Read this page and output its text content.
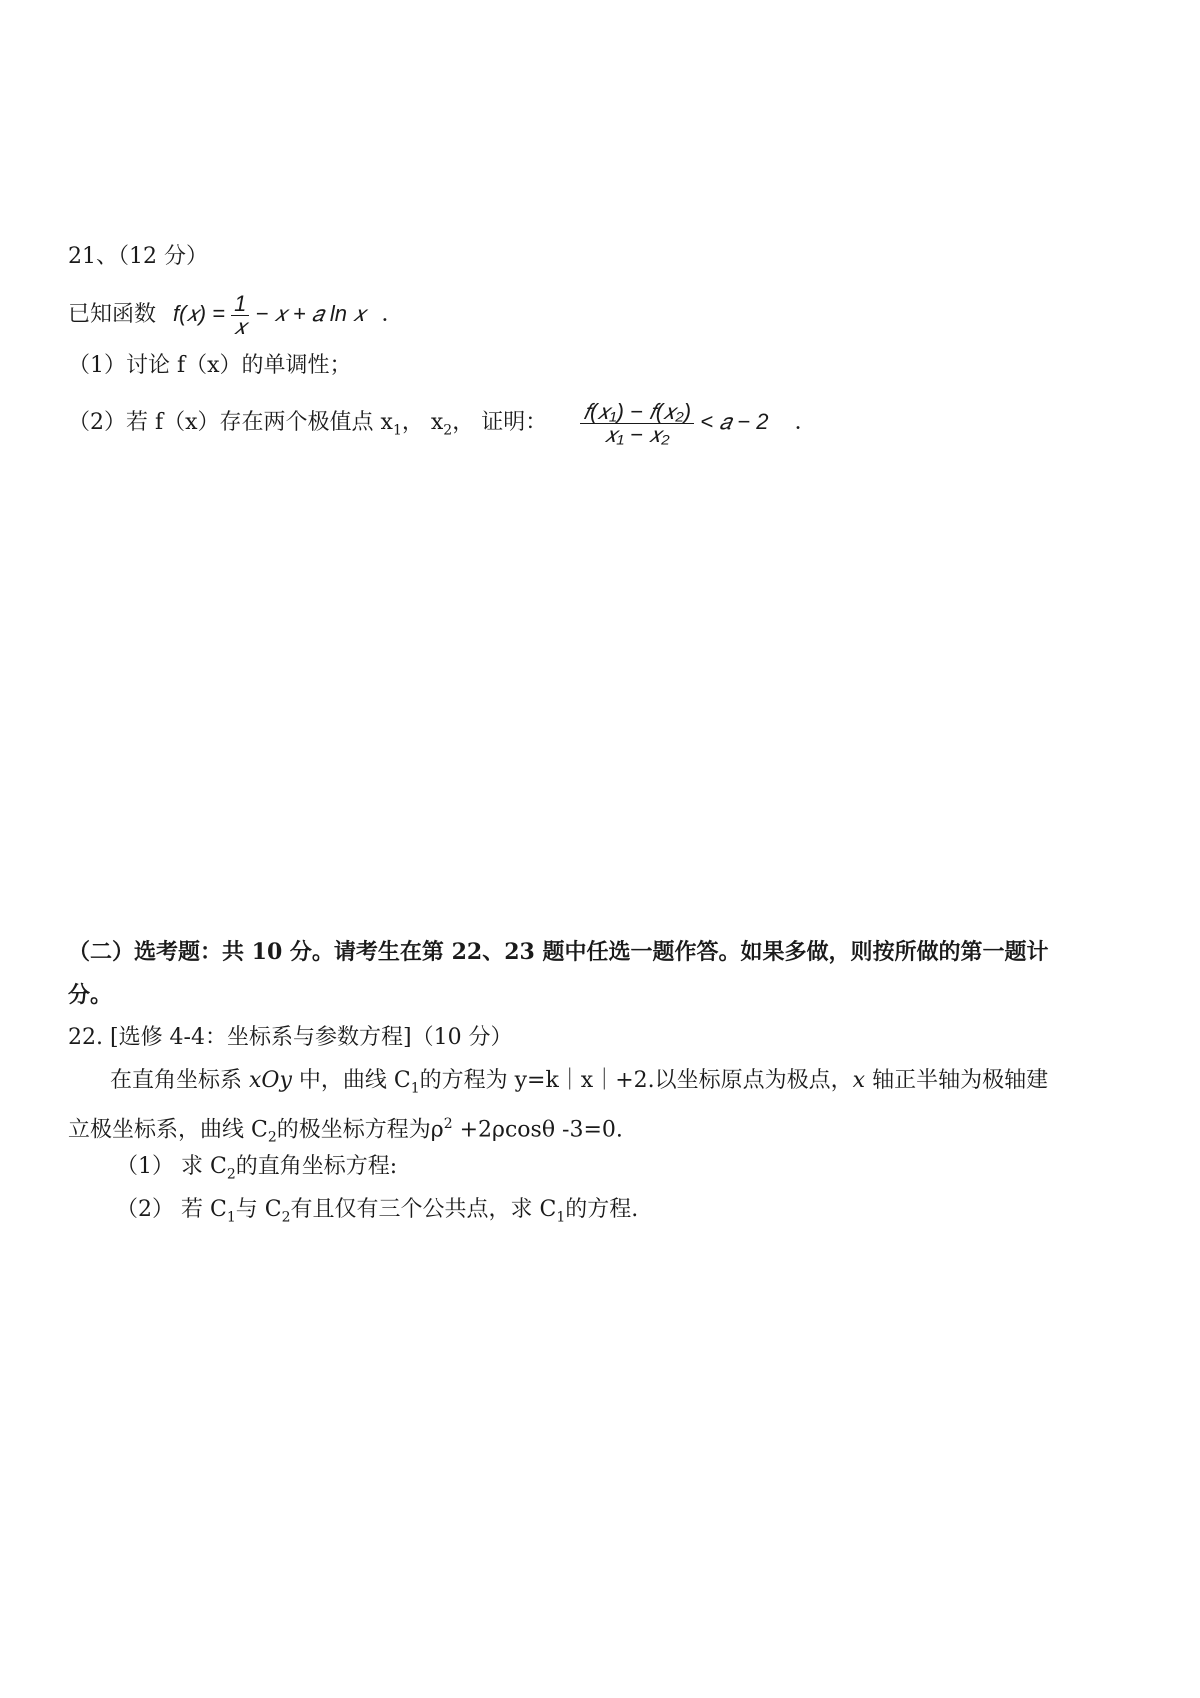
21、（12 分）
已知函数 f(𝑥) = $\frac{1}{\text{𝑥}}$ − 𝑥 + 𝑎 ln 𝑥 ．
（1）讨论 f（x）的单调性；
（2）若 f（x）存在两个极值点 $x_1$， $x_2$， 证明： $\frac{\text{𝑓(𝑥₁) − 𝑓(𝑥₂)}}{\text{𝑥₁ − 𝑥₂}}$ < 𝑎 − 2 ．
（二）选考题：共 10 分。请考生在第 22、23 题中任选一题作答。如果多做，则按所做的第一题计
分。
22. [选修 4-4：坐标系与参数方程]（10 分）
在直角坐标系 xOy 中，曲线 $C_1$的方程为 y=k｜x｜+2.以坐标原点为极点，x 轴正半轴为极轴建
立极坐标系，曲线 $C_2$的极坐标方程为$\rho^2 +2\rho\cos\theta$ -3=0.
（1） 求 $C_2$的直角坐标方程:
（2） 若 $C_1$与 $C_2$有且仅有三个公共点，求 $C_1$的方程.
